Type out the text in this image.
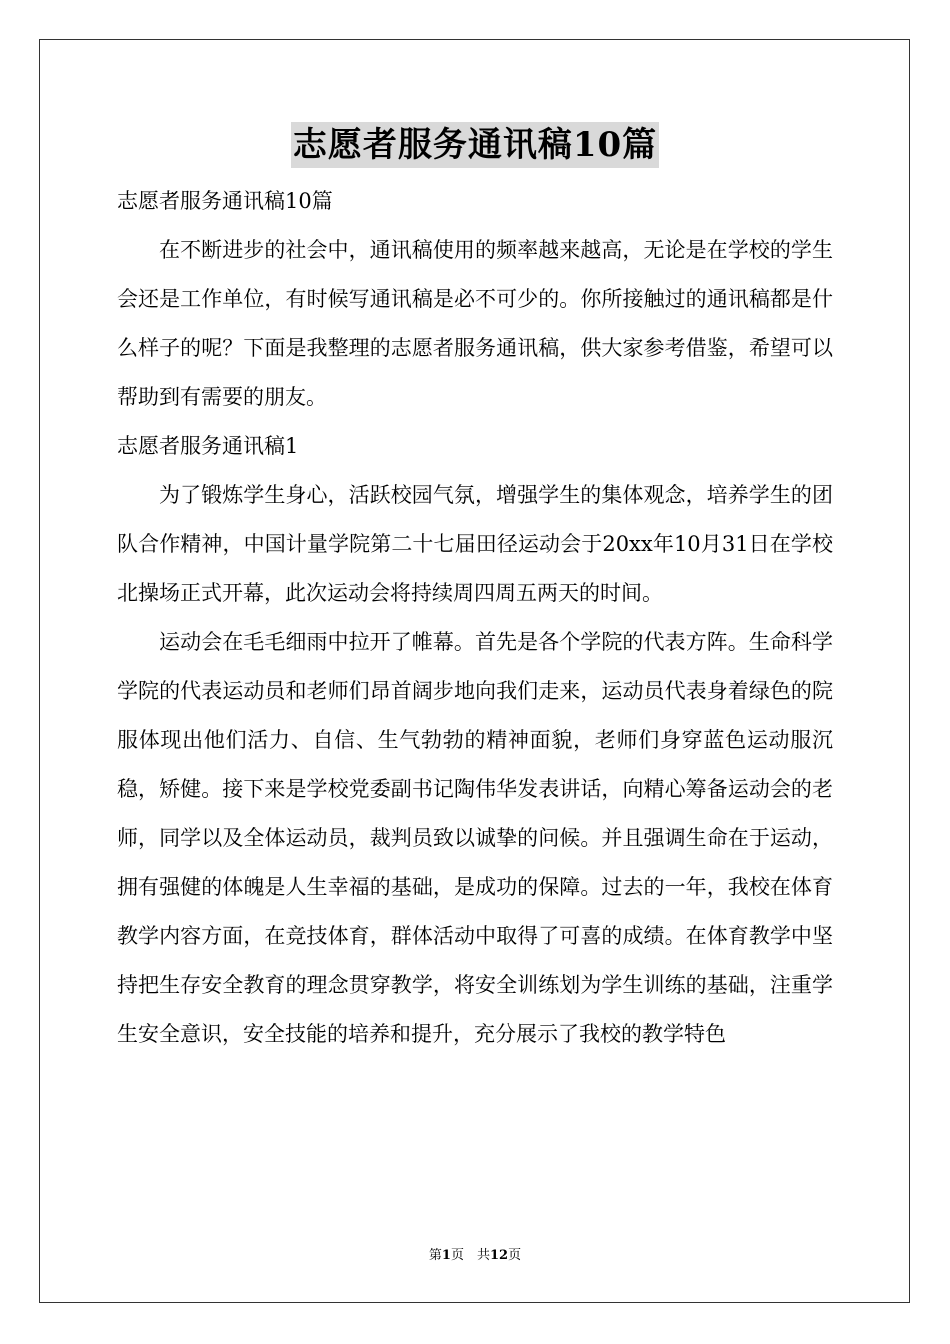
志愿者服务通讯稿10篇

志愿者服务通讯稿10篇

在不断进步的社会中，通讯稿使用的频率越来越高，无论是在学校的学生会还是工作单位，有时候写通讯稿是必不可少的。你所接触过的通讯稿都是什么样子的呢？下面是我整理的志愿者服务通讯稿，供大家参考借鉴，希望可以帮助到有需要的朋友。

志愿者服务通讯稿1

为了锻炼学生身心，活跃校园气氛，增强学生的集体观念，培养学生的团队合作精神，中国计量学院第二十七届田径运动会于20xx年10月31日在学校北操场正式开幕，此次运动会将持续周四周五两天的时间。

运动会在毛毛细雨中拉开了帷幕。首先是各个学院的代表方阵。生命科学学院的代表运动员和老师们昂首阔步地向我们走来，运动员代表身着绿色的院服体现出他们活力、自信、生气勃勃的精神面貌，老师们身穿蓝色运动服沉稳，矫健。接下来是学校党委副书记陶伟华发表讲话，向精心筹备运动会的老师，同学以及全体运动员，裁判员致以诚挚的问候。并且强调生命在于运动，拥有强健的体魄是人生幸福的基础，是成功的保障。过去的一年，我校在体育教学内容方面，在竞技体育，群体活动中取得了可喜的成绩。在体育教学中坚持把生存安全教育的理念贯穿教学，将安全训练划为学生训练的基础，注重学生安全意识，安全技能的培养和提升，充分展示了我校的教学特色

第1页　共12页
